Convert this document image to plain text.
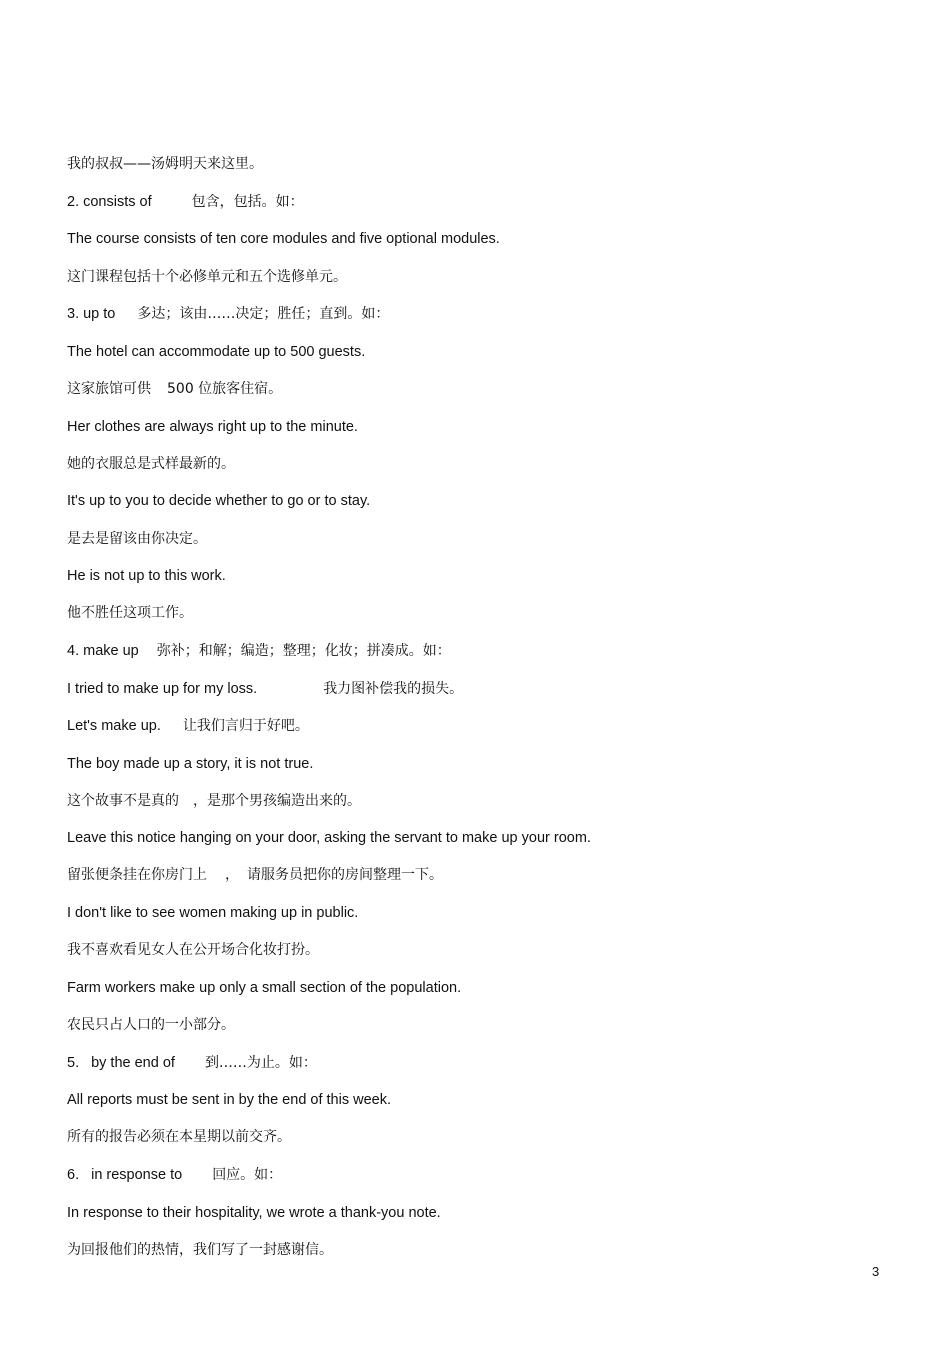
我的叔叔——汤姆明天来这里。
2. consists of	包含，包括。如：
The course consists of ten core modules and five optional modules.
这门课程包括十个必修单元和五个选修单元。
3. up to 多达；该由……决定；胜任；直到。如：
The hotel can accommodate up to 500 guests.
这家旅馆可供 500 位旅客住宿。
Her clothes are always right up to the minute.
她的衣服总是式样最新的。
It's up to you to decide whether to go or to stay.
是去是留该由你决定。
He is not up to this work.
他不胜任这项工作。
4. make up 弥补；和解；编造；整理；化妆；拼凑成。如：
I tried to make up for my loss.	我力图补偿我的损失。
Let's make up. 让我们言归于好吧。
The boy made up a story, it is not true.
这个故事不是真的 ，是那个男孩编造出来的。
Leave this notice hanging on your door, asking the servant to make up your room.
留张便条挂在你房门上 ， 请服务员把你的房间整理一下。
I don't like to see women making up in public.
我不喜欢看见女人在公开场合化妆打扮。
Farm workers make up only a small section of the population.
农民只占人口的一小部分。
5. by the end of 到……为止。如：
All reports must be sent in by the end of this week.
所有的报告必须在本星期以前交齐。
6. in response to 回应。如：
In response to their hospitality, we wrote a thank-you note.
为回报他们的热情，我们写了一封感谢信。
3
